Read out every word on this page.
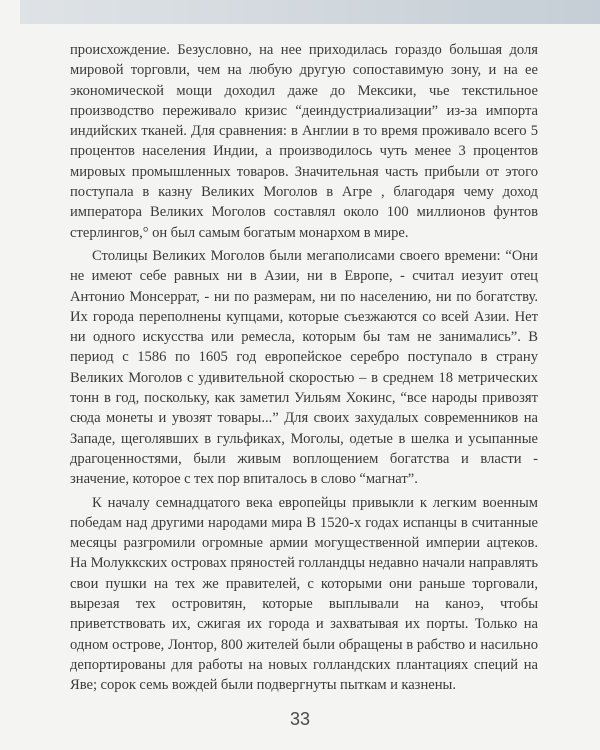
происхождение. Безусловно, на нее приходилась гораздо большая доля мировой торговли, чем на любую другую сопоставимую зону, и на ее экономической мощи доходил даже до Мексики, чье текстильное производство переживало кризис “деиндустриализации” из-за импорта индийских тканей. Для сравнения: в Англии в то время проживало всего 5 процентов населения Индии, а производилось чуть менее 3 процентов мировых промышленных товаров. Значительная часть прибыли от этого поступала в казну Великих Моголов в Агре , благодаря чему доход императора Великих Моголов составлял около 100 миллионов фунтов стерлингов,° он был самым богатым монархом в мире.

Столицы Великих Моголов были мегаполисами своего времени: “Они не имеют себе равных ни в Азии, ни в Европе, - считал иезуит отец Антонио Монсеррат, - ни по размерам, ни по населению, ни по богатству. Их города переполнены купцами, которые съезжаются со всей Азии. Нет ни одного искусства или ремесла, которым бы там не занимались”. В период с 1586 по 1605 год европейское серебро поступало в страну Великих Моголов с удивительной скоростью – в среднем 18 метрических тонн в год, поскольку, как заметил Уильям Хокинс, “все народы привозят сюда монеты и увозят товары...” Для своих захудалых современников на Западе, щеголявших в гульфиках, Моголы, одетые в шелка и усыпанные драгоценностями, были живым воплощением богатства и власти - значение, которое с тех пор впиталось в слово “магнат”.

К началу семнадцатого века европейцы привыкли к легким военным победам над другими народами мира В 1520-х годах испанцы в считанные месяцы разгромили огромные армии могущественной империи ацтеков. На Молуккских островах пряностей голландцы недавно начали направлять свои пушки на тех же правителей, с которыми они раньше торговали, вырезая тех островитян, которые выплывали на каноэ, чтобы приветствовать их, сжигая их города и захватывая их порты. Только на одном острове, Лонтор, 800 жителей были обращены в рабство и насильно депортированы для работы на новых голландских плантациях специй на Яве; сорок семь вождей были подвергнуты пыткам и казнены.

33
